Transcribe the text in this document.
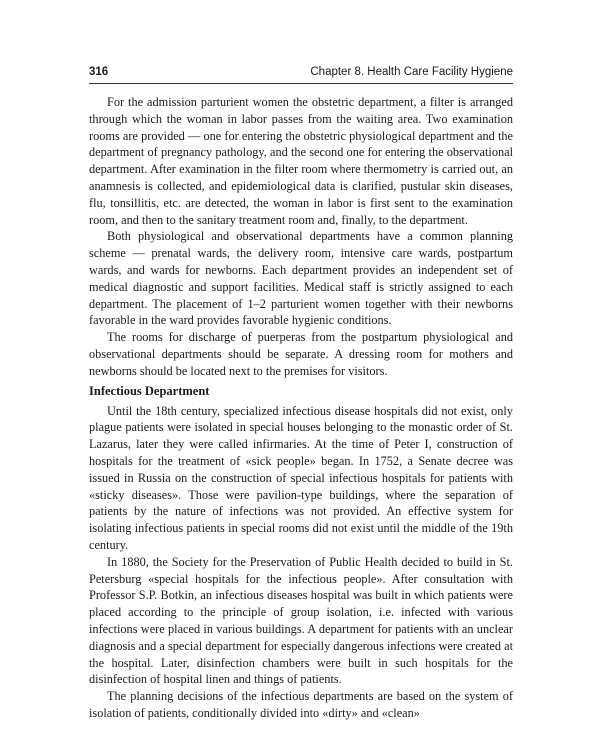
316	Chapter 8. Health Care Facility Hygiene

For the admission parturient women the obstetric department, a filter is arranged through which the woman in labor passes from the waiting area. Two examination rooms are provided — one for entering the obstetric physiological department and the department of pregnancy pathology, and the second one for entering the observational department. After examination in the filter room where thermometry is carried out, an anamnesis is collected, and epidemiological data is clarified, pustular skin diseases, flu, tonsillitis, etc. are detected, the woman in labor is first sent to the examination room, and then to the sanitary treatment room and, finally, to the department.

Both physiological and observational departments have a common planning scheme — prenatal wards, the delivery room, intensive care wards, postpartum wards, and wards for newborns. Each department provides an independent set of medical diagnostic and support facilities. Medical staff is strictly assigned to each department. The placement of 1–2 parturient women together with their newborns favorable in the ward provides favorable hygienic conditions.

The rooms for discharge of puerperas from the postpartum physiological and observational departments should be separate. A dressing room for mothers and newborns should be located next to the premises for visitors.

Infectious Department

Until the 18th century, specialized infectious disease hospitals did not exist, only plague patients were isolated in special houses belonging to the monastic order of St. Lazarus, later they were called infirmaries. At the time of Peter I, construction of hospitals for the treatment of «sick people» began. In 1752, a Senate decree was issued in Russia on the construction of special infectious hospitals for patients with «sticky diseases». Those were pavilion-type buildings, where the separation of patients by the nature of infections was not provided. An effective system for isolating infectious patients in special rooms did not exist until the middle of the 19th century.

In 1880, the Society for the Preservation of Public Health decided to build in St. Petersburg «special hospitals for the infectious people». After consultation with Professor S.P. Botkin, an infectious diseases hospital was built in which patients were placed according to the principle of group isolation, i.e. infected with various infections were placed in various buildings. A department for patients with an unclear diagnosis and a special department for especially dangerous infections were created at the hospital. Later, disinfection chambers were built in such hospitals for the disinfection of hospital linen and things of patients.

The planning decisions of the infectious departments are based on the system of isolation of patients, conditionally divided into «dirty» and «clean»
